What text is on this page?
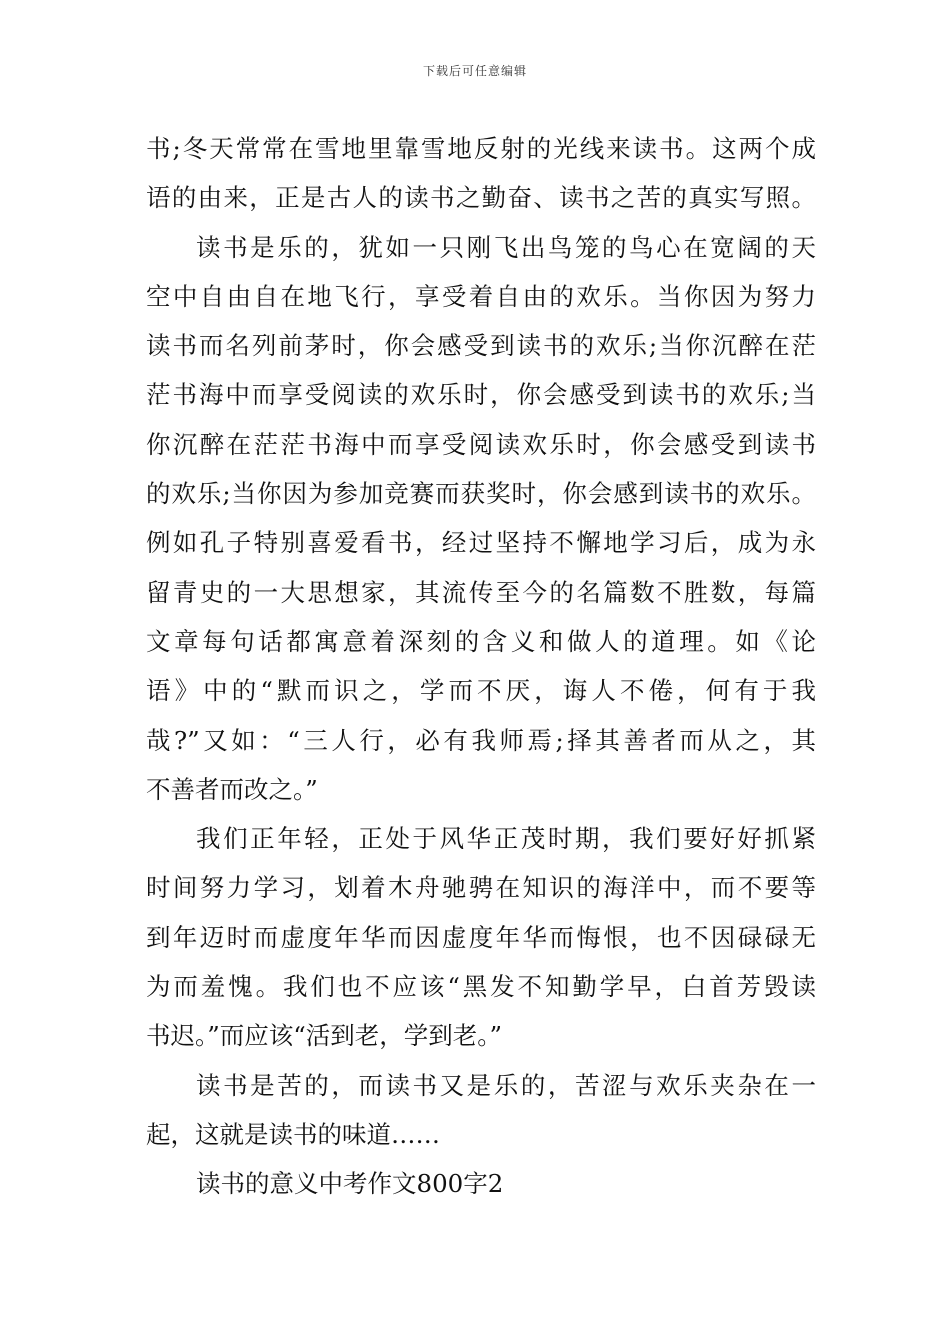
下载后可任意编辑
书;冬天常常在雪地里靠雪地反射的光线来读书。这两个成
语的由来，正是古人的读书之勤奋、读书之苦的真实写照。
读书是乐的，犹如一只刚飞出鸟笼的鸟心在宽阔的天
空中自由自在地飞行，享受着自由的欢乐。当你因为努力
读书而名列前茅时，你会感受到读书的欢乐;当你沉醉在茫
茫书海中而享受阅读的欢乐时，你会感受到读书的欢乐;当
你沉醉在茫茫书海中而享受阅读欢乐时，你会感受到读书
的欢乐;当你因为参加竞赛而获奖时，你会感到读书的欢乐。
例如孔子特别喜爱看书，经过坚持不懈地学习后，成为永
留青史的一大思想家，其流传至今的名篇数不胜数，每篇
文章每句话都寓意着深刻的含义和做人的道理。如《论
语》中的“默而识之，学而不厌，诲人不倦，何有于我
哉?”又如：“三人行，必有我师焉;择其善者而从之，其
不善者而改之。”
我们正年轻，正处于风华正茂时期，我们要好好抓紧
时间努力学习，划着木舟驰骋在知识的海洋中，而不要等
到年迈时而虚度年华而因虚度年华而悔恨，也不因碌碌无
为而羞愧。我们也不应该“黑发不知勤学早，白首芳毁读
书迟。”而应该“活到老，学到老。”
读书是苦的，而读书又是乐的，苦涩与欢乐夹杂在一
起，这就是读书的味道……
读书的意义中考作文800字2
